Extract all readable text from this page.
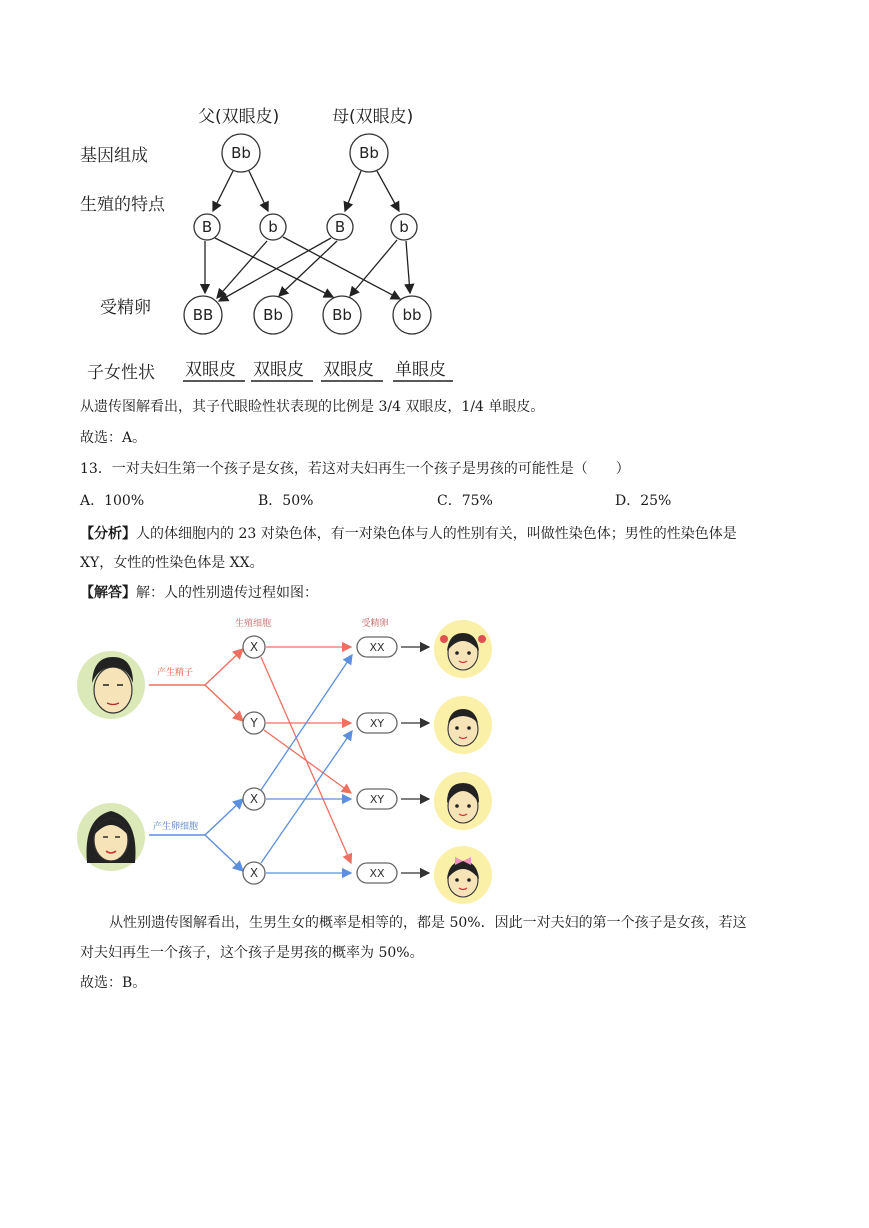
父(双眼皮)	母(双眼皮)
基因组成
生殖的特点
受精卵
子女性状
Bb	Bb
B	b	B	b
BB	Bb	Bb	bb
双眼皮 双眼皮 双眼皮 单眼皮
从遗传图解看出，其子代眼睑性状表现的比例是 3/4 双眼皮，1/4 单眼皮。
故选：A。
13．一对夫妇生第一个孩子是女孩，若这对夫妇再生一个孩子是男孩的可能性是（　　）
A．100%	B．50%	C．75%	D．25%
【分析】人的体细胞内的 23 对染色体，有一对染色体与人的性别有关，叫做性染色体；男性的性染色体是
XY，女性的性染色体是 XX。
【解答】解：人的性别遗传过程如图：
生殖细胞	受精卵
产生精子
产生卵细胞
X
Y
X
X
XX
XY
XY
XX
从性别遗传图解看出，生男生女的概率是相等的，都是 50%．因此一对夫妇的第一个孩子是女孩，若这
对夫妇再生一个孩子，这个孩子是男孩的概率为 50%。
故选：B。
